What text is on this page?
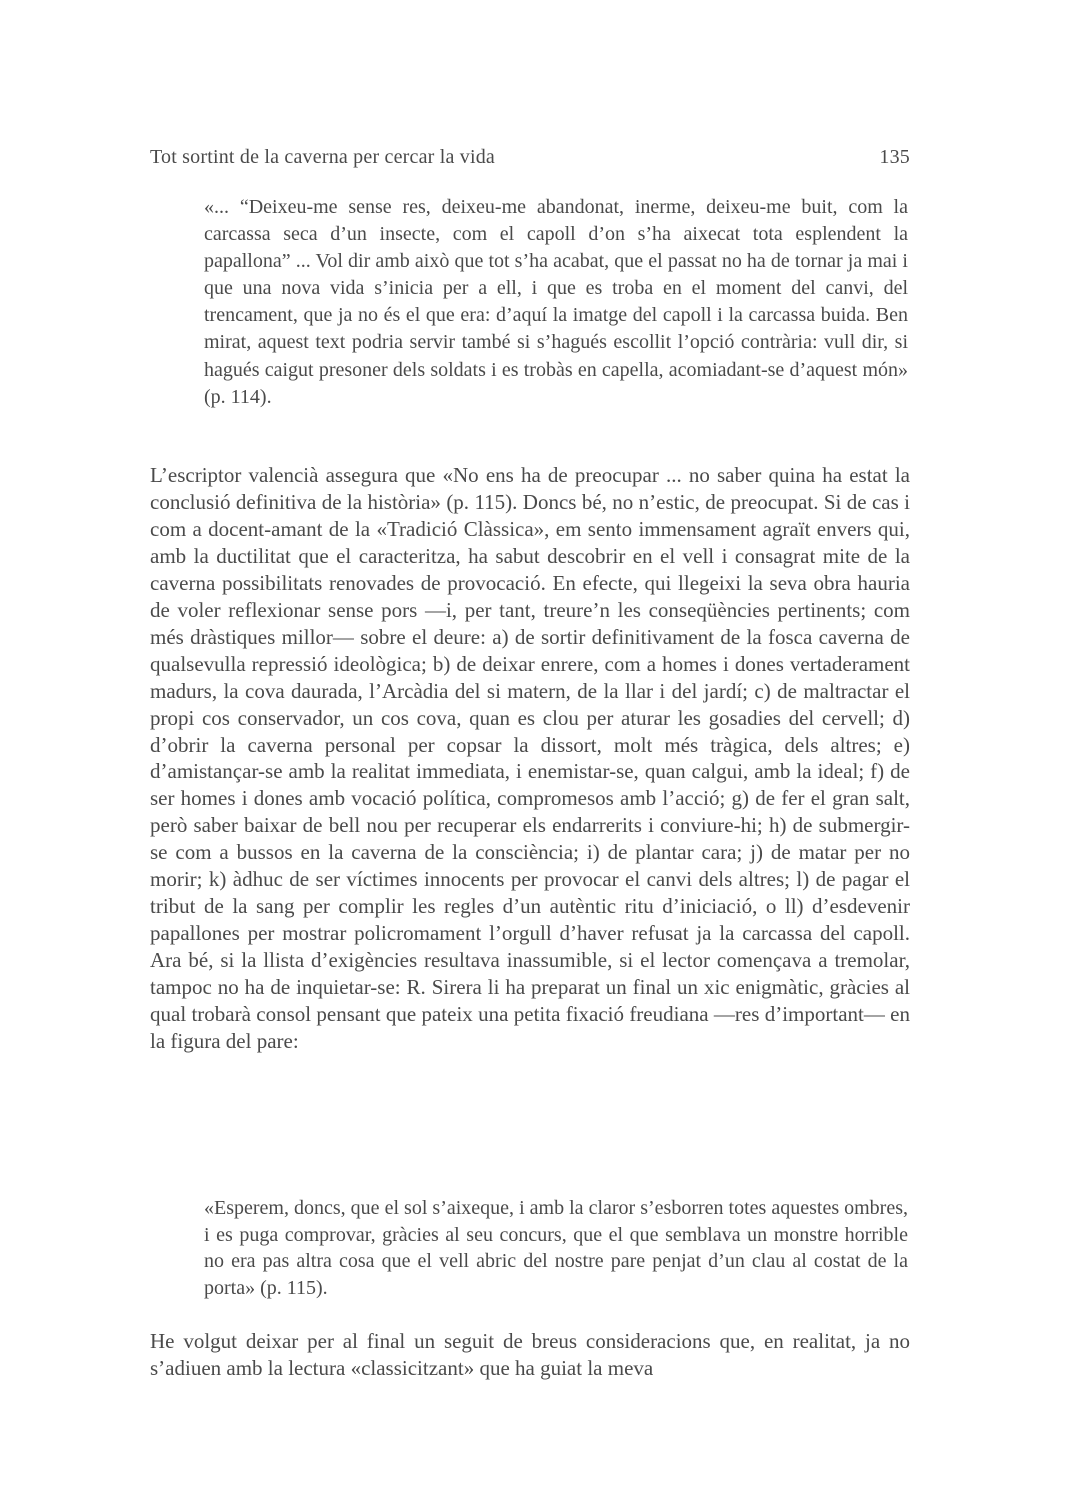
Tot sortint de la caverna per cercar la vida	135
«... “Deixeu-me sense res, deixeu-me abandonat, inerme, deixeu-me buit, com la carcassa seca d’un insecte, com el capoll d’on s’ha aixecat tota esplendent la papallona” ... Vol dir amb això que tot s’ha acabat, que el passat no ha de tornar ja mai i que una nova vida s’inicia per a ell, i que es troba en el moment del canvi, del trencament, que ja no és el que era: d’aquí la imatge del capoll i la carcassa buida. Ben mirat, aquest text podria servir també si s’hagués escollit l’opció contrària: vull dir, si hagués caigut presoner dels soldats i es trobàs en capella, acomiadant-se d’aquest món» (p. 114).
L’escriptor valencià assegura que «No ens ha de preocupar ... no saber quina ha estat la conclusió definitiva de la història» (p. 115). Doncs bé, no n’estic, de preocupat. Si de cas i com a docent-amant de la «Tradició Clàssica», em sento immensament agraït envers qui, amb la ductilitat que el caracteritza, ha sabut descobrir en el vell i consagrat mite de la caverna possibilitats renovades de provocació. En efecte, qui llegeixi la seva obra hauria de voler reflexionar sense pors —i, per tant, treure’n les conseqüències pertinents; com més dràstiques millor— sobre el deure: a) de sortir definitivament de la fosca caverna de qualsevulla repressió ideològica; b) de deixar enrere, com a homes i dones vertaderament madurs, la cova daurada, l’Arcàdia del si matern, de la llar i del jardí; c) de maltractar el propi cos conservador, un cos cova, quan es clou per aturar les gosadies del cervell; d) d’obrir la caverna personal per copsar la dissort, molt més tràgica, dels altres; e) d’amistançar-se amb la realitat immediata, i enemistar-se, quan calgui, amb la ideal; f) de ser homes i dones amb vocació política, compromesos amb l’acció; g) de fer el gran salt, però saber baixar de bell nou per recuperar els endarrerits i conviure-hi; h) de submergir-se com a bussos en la caverna de la consciència; i) de plantar cara; j) de matar per no morir; k) àdhuc de ser víctimes innocents per provocar el canvi dels altres; l) de pagar el tribut de la sang per complir les regles d’un autèntic ritu d’iniciació, o ll) d’esdevenir papallones per mostrar policromament l’orgull d’haver refusat ja la carcassa del capoll. Ara bé, si la llista d’exigències resultava inassumible, si el lector començava a tremolar, tampoc no ha de inquietar-se: R. Sirera li ha preparat un final un xic enigmàtic, gràcies al qual trobarà consol pensant que pateix una petita fixació freudiana —res d’important— en la figura del pare:
«Esperem, doncs, que el sol s’aixeque, i amb la claror s’esborren totes aquestes ombres, i es puga comprovar, gràcies al seu concurs, que el que semblava un monstre horrible no era pas altra cosa que el vell abric del nostre pare penjat d’un clau al costat de la porta» (p. 115).
He volgut deixar per al final un seguit de breus consideracions que, en realitat, ja no s’adiuen amb la lectura «classicitzant» que ha guiat la meva
